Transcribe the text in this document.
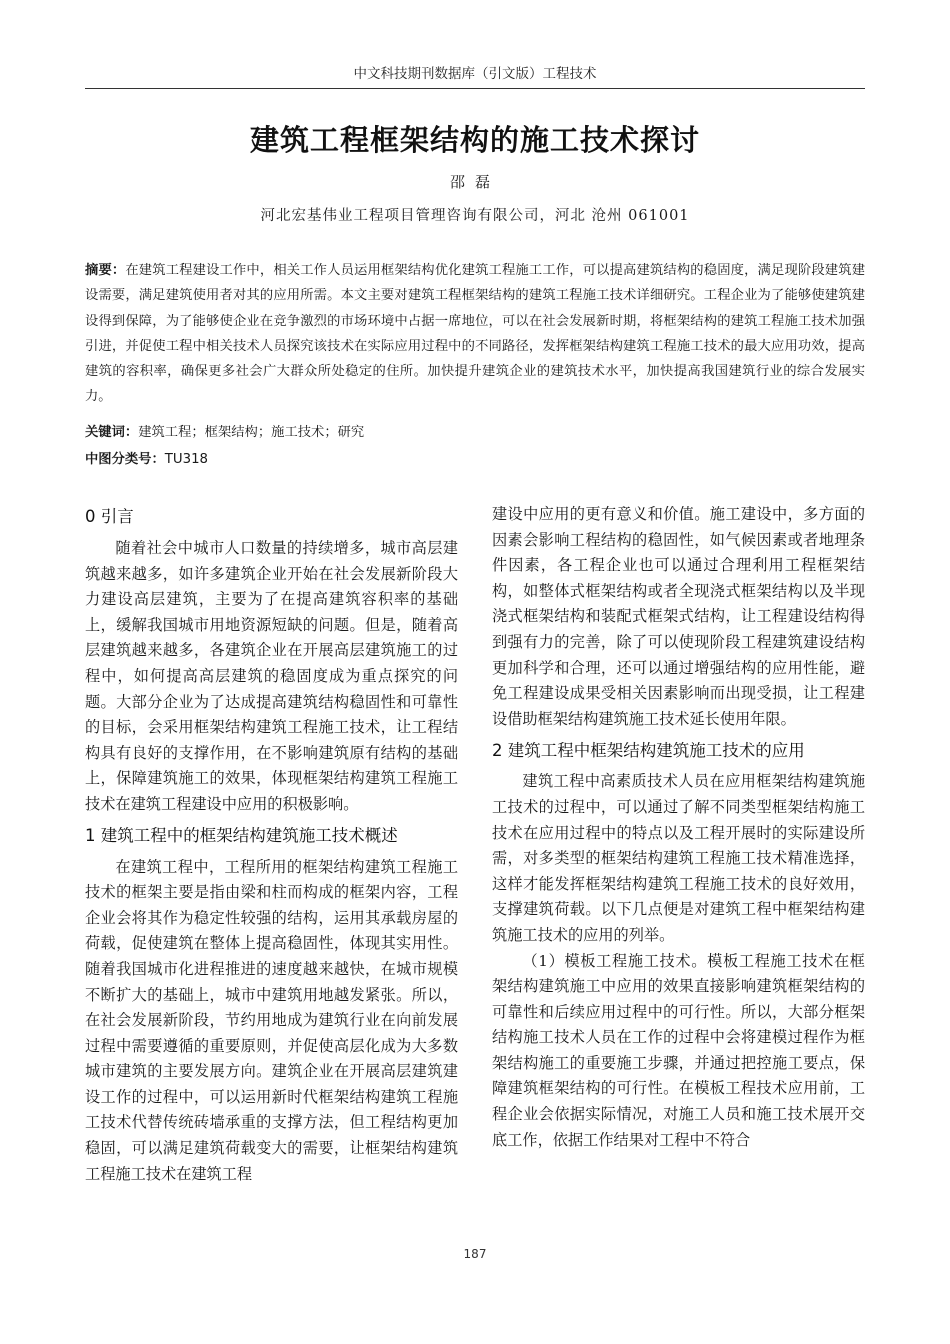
中文科技期刊数据库（引文版）工程技术
建筑工程框架结构的施工技术探讨
邵磊
河北宏基伟业工程项目管理咨询有限公司，河北 沧州 061001

摘要：在建筑工程建设工作中，相关工作人员运用框架结构优化建筑工程施工工作，可以提高建筑结构的稳固度，满足现阶段建筑建设需要，满足建筑使用者对其的应用所需。本文主要对建筑工程框架结构的建筑工程施工技术详细研究。工程企业为了能够使建筑建设得到保障，为了能够使企业在竞争激烈的市场环境中占据一席地位，可以在社会发展新时期，将框架结构的建筑工程施工技术加强引进，并促使工程中相关技术人员探究该技术在实际应用过程中的不同路径，发挥框架结构建筑工程施工技术的最大应用功效，提高建筑的容积率，确保更多社会广大群众所处稳定的住所。加快提升建筑企业的建筑技术水平，加快提高我国建筑行业的综合发展实力。

关键词：建筑工程；框架结构；施工技术；研究
中图分类号：TU318
0 引言

随着社会中城市人口数量的持续增多，城市高层建筑越来越多，如许多建筑企业开始在社会发展新阶段大力建设高层建筑，主要为了在提高建筑容积率的基础上，缓解我国城市用地资源短缺的问题。但是，随着高层建筑越来越多，各建筑企业在开展高层建筑施工的过程中，如何提高高层建筑的稳固度成为重点探究的问题。大部分企业为了达成提高建筑结构稳固性和可靠性的目标，会采用框架结构建筑工程施工技术，让工程结构具有良好的支撑作用，在不影响建筑原有结构的基础上，保障建筑施工的效果，体现框架结构建筑工程施工技术在建筑工程建设中应用的积极影响。

1 建筑工程中的框架结构建筑施工技术概述

在建筑工程中，工程所用的框架结构建筑工程施工技术的框架主要是指由梁和柱而构成的框架内容，工程企业会将其作为稳定性较强的结构，运用其承载房屋的荷载，促使建筑在整体上提高稳固性，体现其实用性。随着我国城市化进程推进的速度越来越快，在城市规模不断扩大的基础上，城市中建筑用地越发紧张。所以，在社会发展新阶段，节约用地成为建筑行业在向前发展过程中需要遵循的重要原则，并促使高层化成为大多数城市建筑的主要发展方向。建筑企业在开展高层建筑建设工作的过程中，可以运用新时代框架结构建筑工程施工技术代替传统砖墙承重的支撑方法，但工程结构更加稳固，可以满足建筑荷载变大的需要，让框架结构建筑工程施工技术在建筑工程

建设中应用的更有意义和价值。施工建设中，多方面的因素会影响工程结构的稳固性，如气候因素或者地理条件因素，各工程企业也可以通过合理利用工程框架结构，如整体式框架结构或者全现浇式框架结构以及半现浇式框架结构和装配式框架式结构，让工程建设结构得到强有力的完善，除了可以使现阶段工程建筑建设结构更加科学和合理，还可以通过增强结构的应用性能，避免工程建设成果受相关因素影响而出现受损，让工程建设借助框架结构建筑施工技术延长使用年限。

2 建筑工程中框架结构建筑施工技术的应用

建筑工程中高素质技术人员在应用框架结构建筑施工技术的过程中，可以通过了解不同类型框架结构施工技术在应用过程中的特点以及工程开展时的实际建设所需，对多类型的框架结构建筑工程施工技术精准选择，这样才能发挥框架结构建筑工程施工技术的良好效用，支撑建筑荷载。以下几点便是对建筑工程中框架结构建筑施工技术的应用的列举。

（1）模板工程施工技术。模板工程施工技术在框架结构建筑施工中应用的效果直接影响建筑框架结构的可靠性和后续应用过程中的可行性。所以，大部分框架结构施工技术人员在工作的过程中会将建模过程作为框架结构施工的重要施工步骤，并通过把控施工要点，保障建筑框架结构的可行性。在模板工程技术应用前，工程企业会依据实际情况，对施工人员和施工技术展开交底工作，依据工作结果对工程中不符合

187
